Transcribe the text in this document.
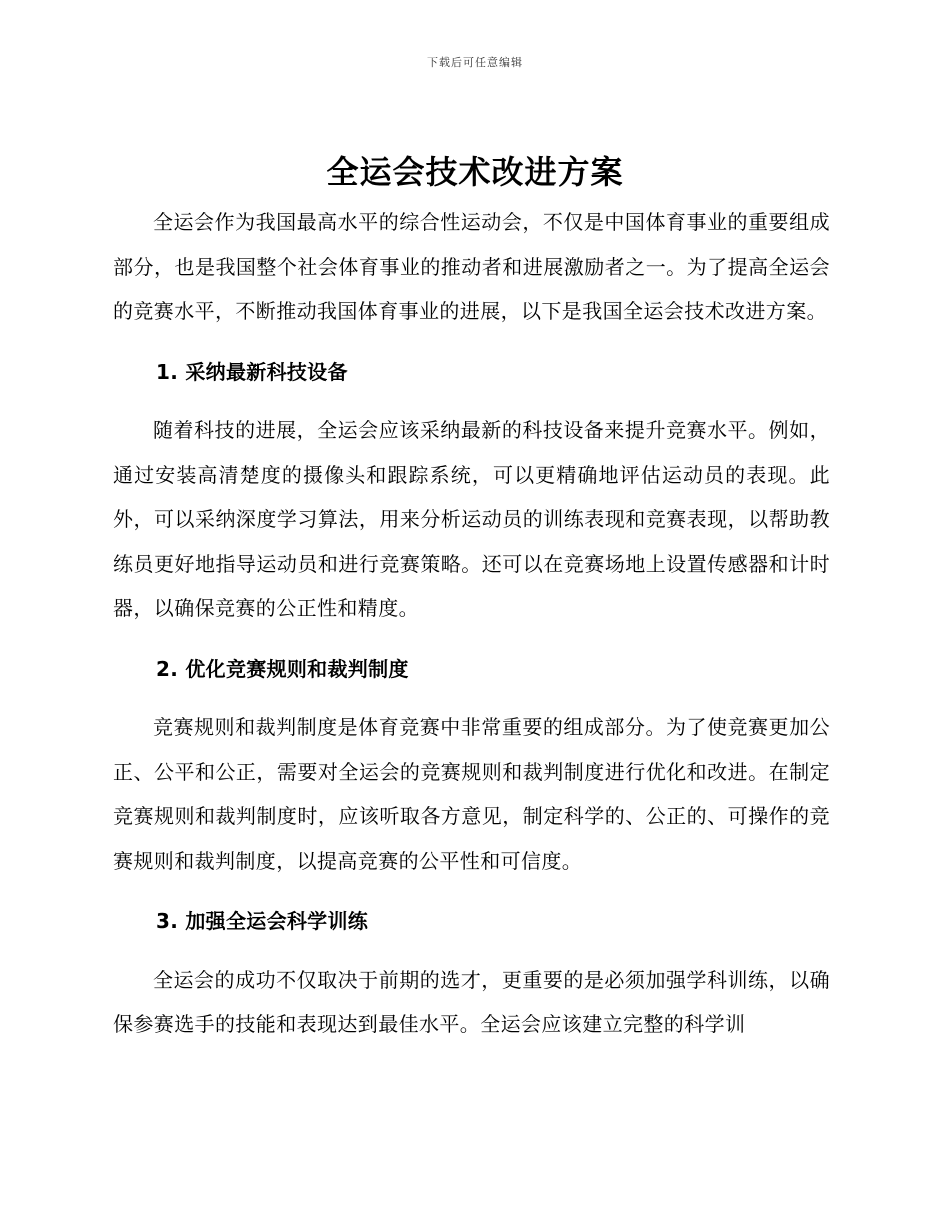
下载后可任意编辑
全运会技术改进方案

全运会作为我国最高水平的综合性运动会，不仅是中国体育事业的重要组成部分，也是我国整个社会体育事业的推动者和进展激励者之一。为了提高全运会的竞赛水平，不断推动我国体育事业的进展，以下是我国全运会技术改进方案。

1. 采纳最新科技设备

随着科技的进展，全运会应该采纳最新的科技设备来提升竞赛水平。例如，通过安装高清楚度的摄像头和跟踪系统，可以更精确地评估运动员的表现。此外，可以采纳深度学习算法，用来分析运动员的训练表现和竞赛表现，以帮助教练员更好地指导运动员和进行竞赛策略。还可以在竞赛场地上设置传感器和计时器，以确保竞赛的公正性和精度。

2. 优化竞赛规则和裁判制度

竞赛规则和裁判制度是体育竞赛中非常重要的组成部分。为了使竞赛更加公正、公平和公正，需要对全运会的竞赛规则和裁判制度进行优化和改进。在制定竞赛规则和裁判制度时，应该听取各方意见，制定科学的、公正的、可操作的竞赛规则和裁判制度，以提高竞赛的公平性和可信度。

3. 加强全运会科学训练

全运会的成功不仅取决于前期的选才，更重要的是必须加强学科训练，以确保参赛选手的技能和表现达到最佳水平。全运会应该建立完整的科学训
